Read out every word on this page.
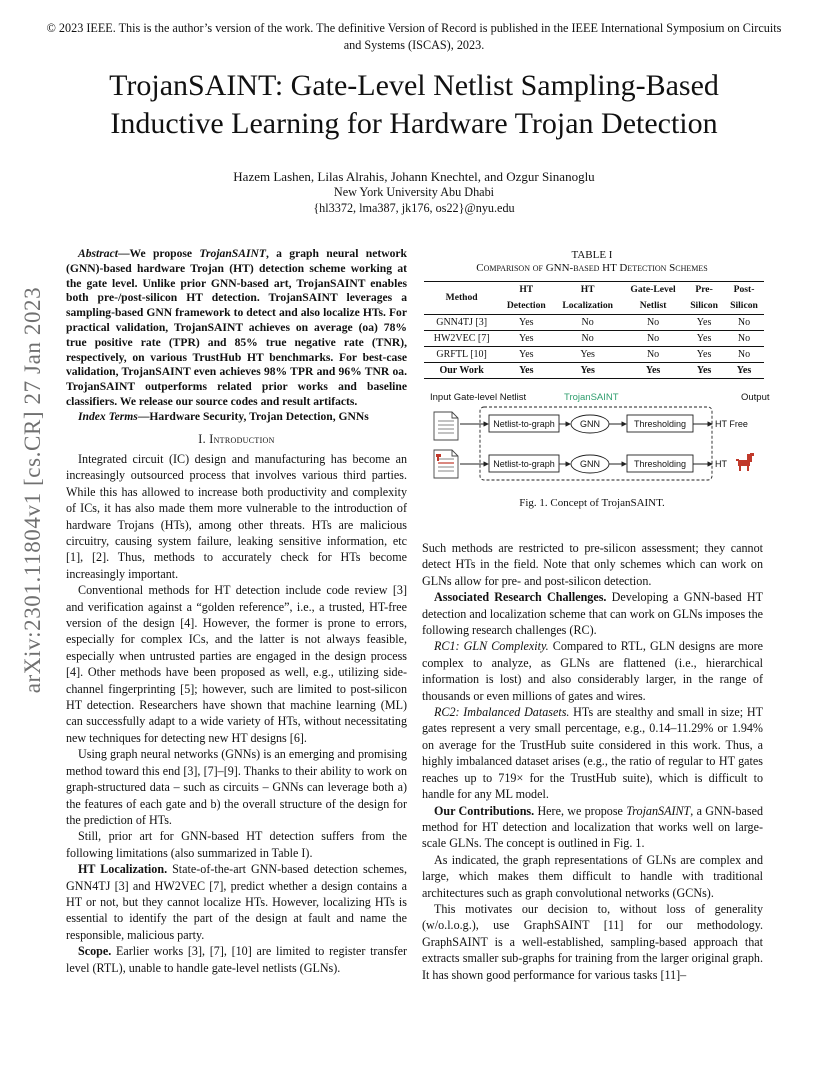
© 2023 IEEE. This is the author’s version of the work. The definitive Version of Record is published in the IEEE International Symposium on Circuits and Systems (ISCAS), 2023.
TrojanSAINT: Gate-Level Netlist Sampling-Based
Inductive Learning for Hardware Trojan Detection
Hazem Lashen, Lilas Alrahis, Johann Knechtel, and Ozgur Sinanoglu
New York University Abu Dhabi
{hl3372, lma387, jk176, os22}@nyu.edu
arXiv:2301.11804v1 [cs.CR] 27 Jan 2023

Abstract—We propose TrojanSAINT, a graph neural network (GNN)-based hardware Trojan (HT) detection scheme working at the gate level. Unlike prior GNN-based art, TrojanSAINT enables both pre-/post-silicon HT detection. TrojanSAINT leverages a sampling-based GNN framework to detect and also localize HTs. For practical validation, TrojanSAINT achieves on average (oa) 78% true positive rate (TPR) and 85% true negative rate (TNR), respectively, on various TrustHub HT benchmarks. For best-case validation, TrojanSAINT even achieves 98% TPR and 96% TNR oa. TrojanSAINT outperforms related prior works and baseline classifiers. We release our source codes and result artifacts.

Index Terms—Hardware Security, Trojan Detection, GNNs

I. Introduction

Integrated circuit (IC) design and manufacturing has become an increasingly outsourced process that involves various third parties. While this has allowed to increase both productivity and complexity of ICs, it has also made them more vulnerable to the introduction of hardware Trojans (HTs), among other threats. HTs are malicious circuitry, causing system failure, leaking sensitive information, etc [1], [2]. Thus, methods to accurately check for HTs become increasingly important.

Conventional methods for HT detection include code review [3] and verification against a “golden reference”, i.e., a trusted, HT-free version of the design [4]. However, the former is prone to errors, especially for complex ICs, and the latter is not always feasible, especially when untrusted parties are engaged in the design process [4]. Other methods have been proposed as well, e.g., utilizing side-channel fingerprinting [5]; however, such are limited to post-silicon HT detection. Researchers have shown that machine learning (ML) can successfully adapt to a wide variety of HTs, without necessitating new techniques for detecting new HT designs [6].

Using graph neural networks (GNNs) is an emerging and promising method toward this end [3], [7]–[9]. Thanks to their ability to work on graph-structured data – such as circuits – GNNs can leverage both a) the features of each gate and b) the overall structure of the design for the prediction of HTs.

Still, prior art for GNN-based HT detection suffers from the following limitations (also summarized in Table I).

HT Localization. State-of-the-art GNN-based detection schemes, GNN4TJ [3] and HW2VEC [7], predict whether a design contains a HT or not, but they cannot localize HTs. However, localizing HTs is essential to identify the part of the design at fault and name the responsible, malicious party.

Scope. Earlier works [3], [7], [10] are limited to register transfer level (RTL), unable to handle gate-level netlists (GLNs).

TABLE I
Comparison of GNN-based HT Detection Schemes
Method	HT	HT	Gate-Level	Pre-	Post-
	Detection	Localization	Netlist	Silicon	Silicon
GNN4TJ [3]	Yes	No	No	Yes	No
HW2VEC [7]	Yes	No	No	Yes	No
GRFTL [10]	Yes	Yes	No	Yes	No
Our Work	Yes	Yes	Yes	Yes	Yes
Input Gate-level Netlist	TrojanSAINT	Output
Netlist-to-graph	GNN	Thresholding	HT Free
Netlist-to-graph	GNN	Thresholding	HT
Fig. 1. Concept of TrojanSAINT.

Such methods are restricted to pre-silicon assessment; they cannot detect HTs in the field. Note that only schemes which can work on GLNs allow for pre- and post-silicon detection.

Associated Research Challenges. Developing a GNN-based HT detection and localization scheme that can work on GLNs imposes the following research challenges (RC).

RC1: GLN Complexity. Compared to RTL, GLN designs are more complex to analyze, as GLNs are flattened (i.e., hierarchical information is lost) and also considerably larger, in the range of thousands or even millions of gates and wires.

RC2: Imbalanced Datasets. HTs are stealthy and small in size; HT gates represent a very small percentage, e.g., 0.14–11.29% or 1.94% on average for the TrustHub suite considered in this work. Thus, a highly imbalanced dataset arises (e.g., the ratio of regular to HT gates reaches up to 719× for the TrustHub suite), which is difficult to handle for any ML model.

Our Contributions. Here, we propose TrojanSAINT, a GNN-based method for HT detection and localization that works well on large-scale GLNs. The concept is outlined in Fig. 1.

As indicated, the graph representations of GLNs are complex and large, which makes them difficult to handle with traditional architectures such as graph convolutional networks (GCNs).

This motivates our decision to, without loss of generality (w/o.l.o.g.), use GraphSAINT [11] for our methodology. GraphSAINT is a well-established, sampling-based approach that extracts smaller sub-graphs for training from the larger original graph. It has shown good performance for various tasks [11]–
